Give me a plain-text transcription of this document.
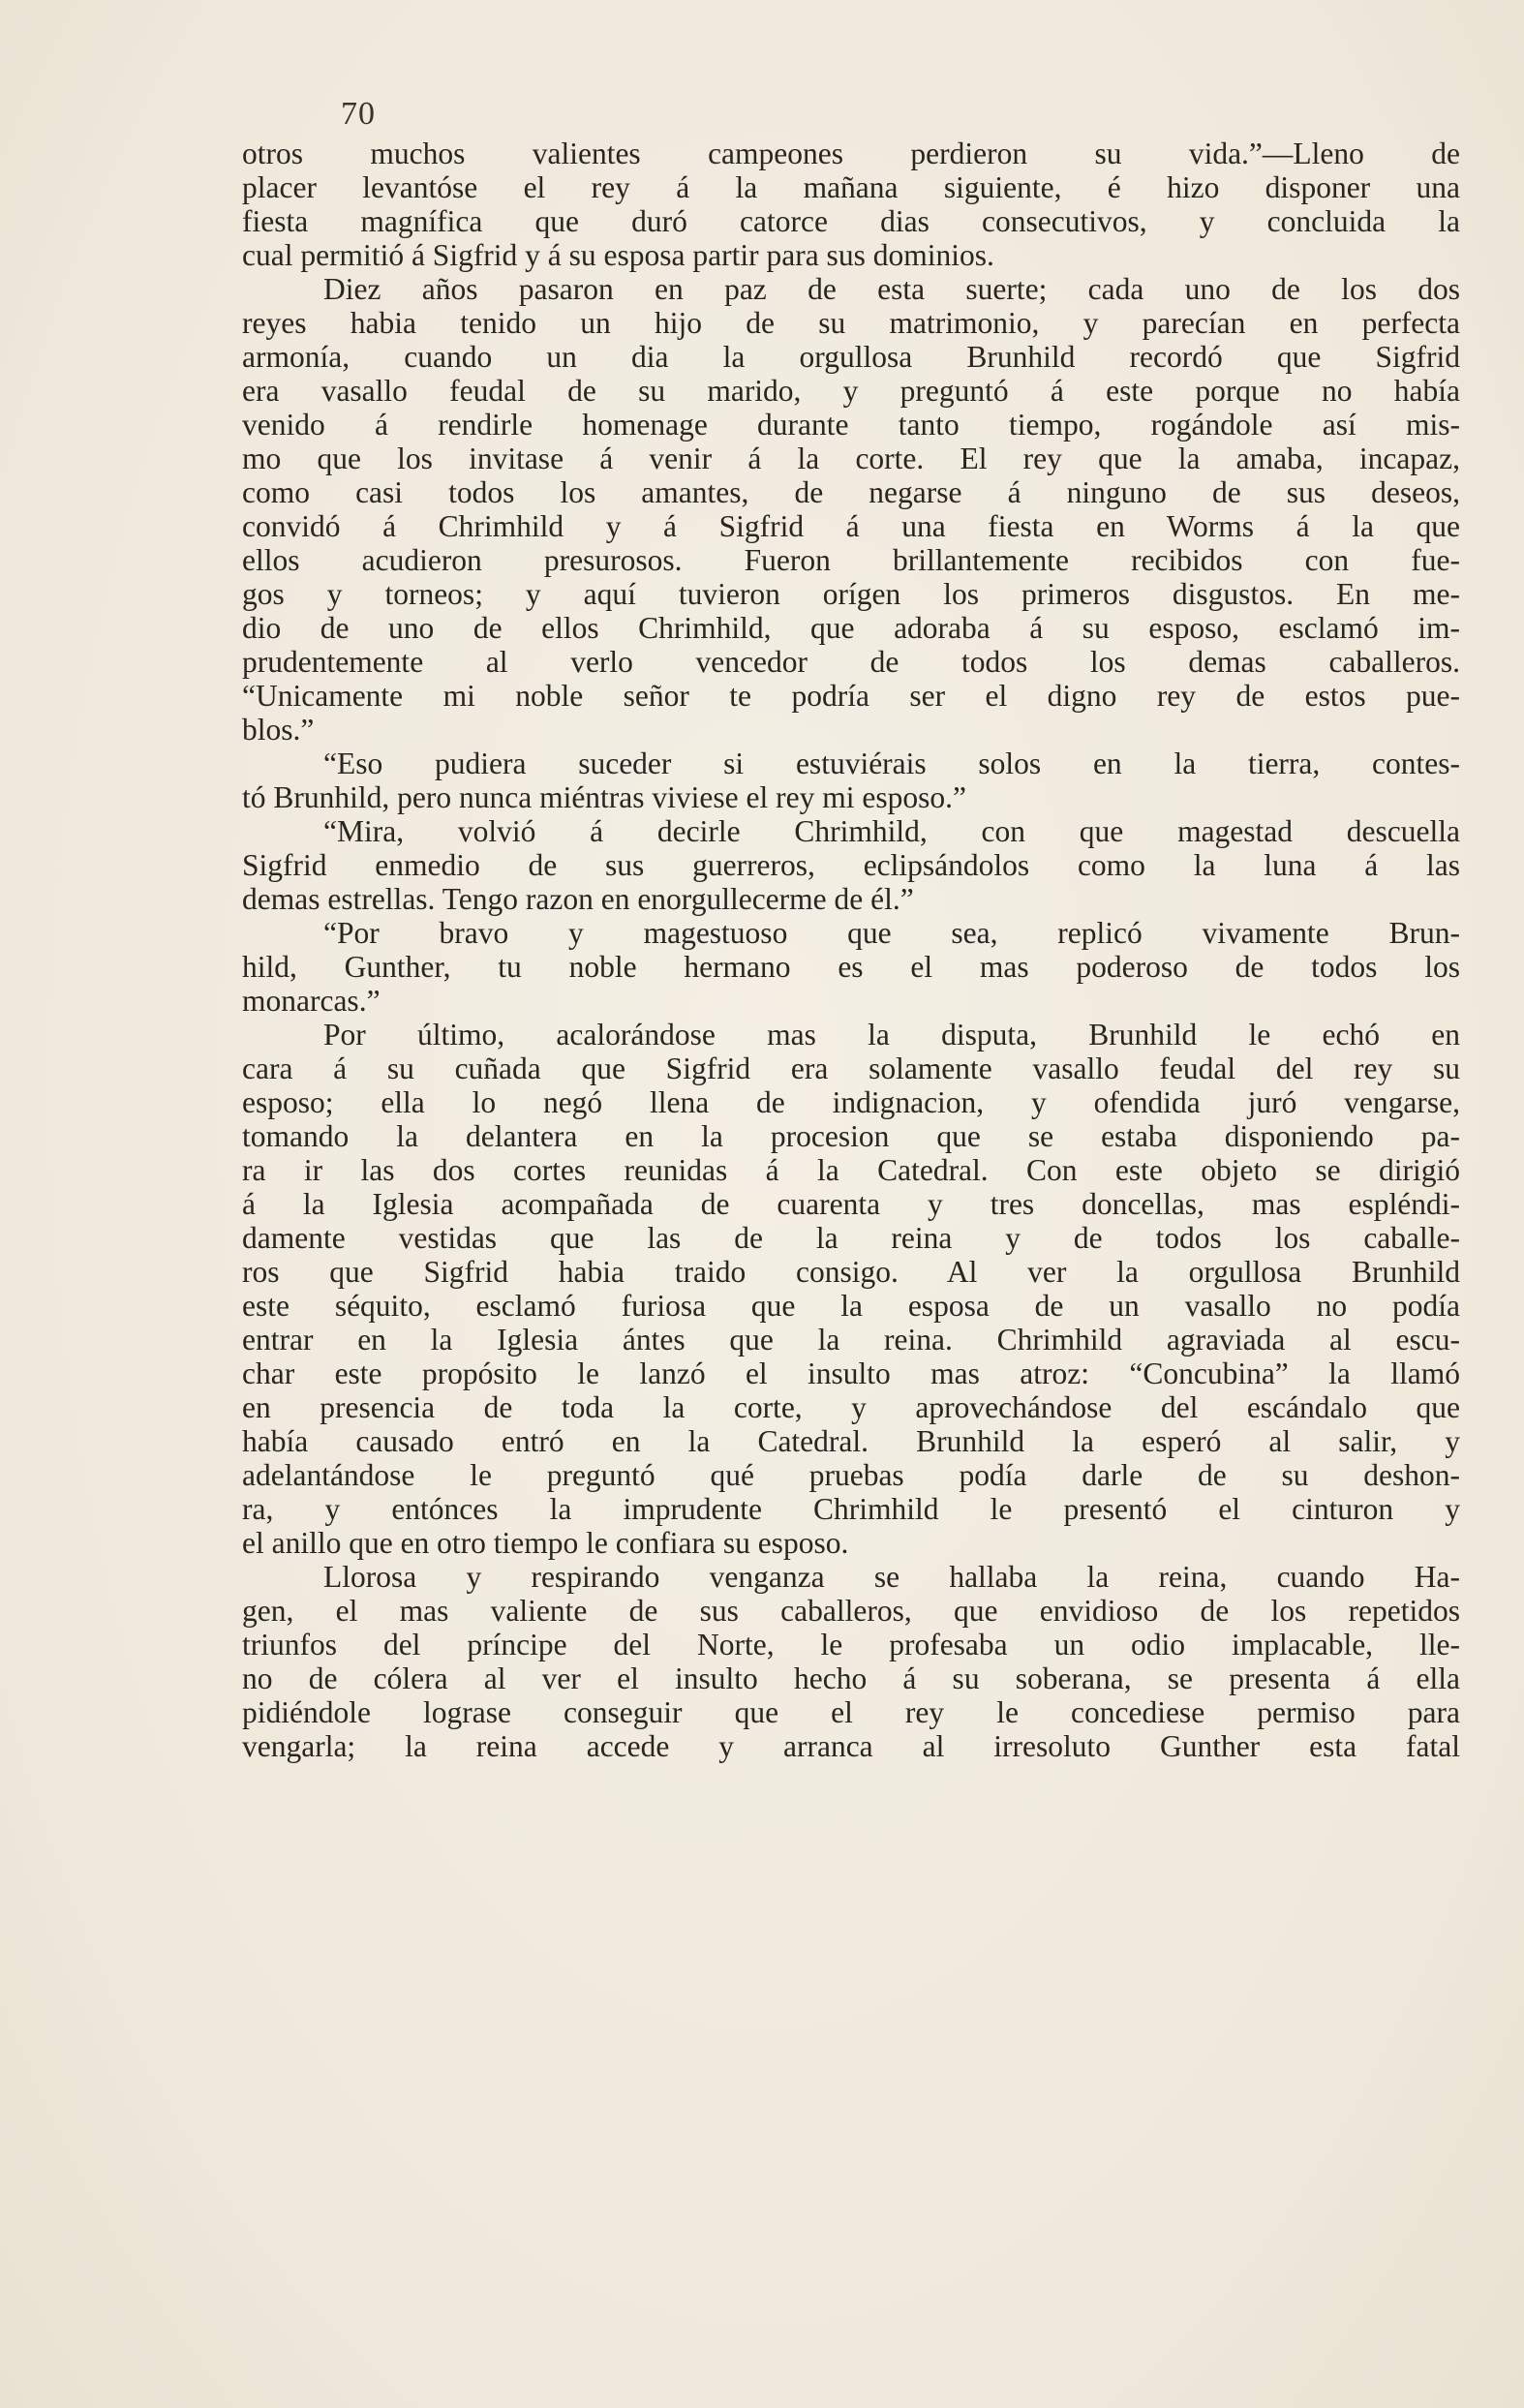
70
otros muchos valientes campeones perdieron su vida.”—Lleno de
placer levantóse el rey á la mañana siguiente, é hizo disponer una
fiesta magnífica que duró catorce dias consecutivos, y concluida la
cual permitió á Sigfrid y á su esposa partir para sus dominios.
Diez años pasaron en paz de esta suerte; cada uno de los dos
reyes habia tenido un hijo de su matrimonio, y parecían en perfecta
armonía, cuando un dia la orgullosa Brunhild recordó que Sigfrid
era vasallo feudal de su marido, y preguntó á este porque no había
venido á rendirle homenage durante tanto tiempo, rogándole así mis-
mo que los invitase á venir á la corte. El rey que la amaba, incapaz,
como casi todos los amantes, de negarse á ninguno de sus deseos,
convidó á Chrimhild y á Sigfrid á una fiesta en Worms á la que
ellos acudieron presurosos. Fueron brillantemente recibidos con fue-
gos y torneos; y aquí tuvieron orígen los primeros disgustos. En me-
dio de uno de ellos Chrimhild, que adoraba á su esposo, esclamó im-
prudentemente al verlo vencedor de todos los demas caballeros.
“Unicamente mi noble señor te podría ser el digno rey de estos pue-
blos.”
“Eso pudiera suceder si estuviérais solos en la tierra, contes-
tó Brunhild, pero nunca miéntras viviese el rey mi esposo.”
“Mira, volvió á decirle Chrimhild, con que magestad descuella
Sigfrid enmedio de sus guerreros, eclipsándolos como la luna á las
demas estrellas. Tengo razon en enorgullecerme de él.”
“Por bravo y magestuoso que sea, replicó vivamente Brun-
hild, Gunther, tu noble hermano es el mas poderoso de todos los
monarcas.”
Por último, acalorándose mas la disputa, Brunhild le echó en
cara á su cuñada que Sigfrid era solamente vasallo feudal del rey su
esposo; ella lo negó llena de indignacion, y ofendida juró vengarse,
tomando la delantera en la procesion que se estaba disponiendo pa-
ra ir las dos cortes reunidas á la Catedral. Con este objeto se dirigió
á la Iglesia acompañada de cuarenta y tres doncellas, mas espléndi-
damente vestidas que las de la reina y de todos los caballe-
ros que Sigfrid habia traido consigo. Al ver la orgullosa Brunhild
este séquito, esclamó furiosa que la esposa de un vasallo no podía
entrar en la Iglesia ántes que la reina. Chrimhild agraviada al escu-
char este propósito le lanzó el insulto mas atroz: “Concubina” la llamó
en presencia de toda la corte, y aprovechándose del escándalo que
había causado entró en la Catedral. Brunhild la esperó al salir, y
adelantándose le preguntó qué pruebas podía darle de su deshon-
ra, y entónces la imprudente Chrimhild le presentó el cinturon y
el anillo que en otro tiempo le confiara su esposo.
Llorosa y respirando venganza se hallaba la reina, cuando Ha-
gen, el mas valiente de sus caballeros, que envidioso de los repetidos
triunfos del príncipe del Norte, le profesaba un odio implacable, lle-
no de cólera al ver el insulto hecho á su soberana, se presenta á ella
pidiéndole lograse conseguir que el rey le concediese permiso para
vengarla; la reina accede y arranca al irresoluto Gunther esta fatal
